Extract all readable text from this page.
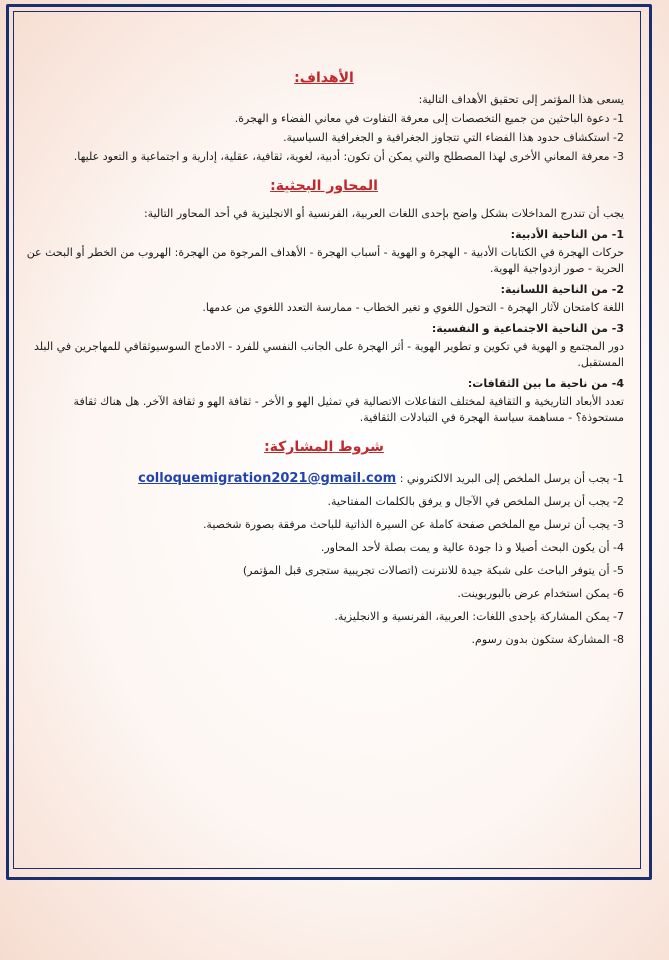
الأهداف:

يسعى هذا المؤتمر إلى تحقيق الأهداف التالية:

1- دعوة الباحثين من جميع التخصصات إلى معرفة التفاوت في معاني الفضاء و الهجرة.

2- استكشاف حدود هذا الفضاء التي تتجاوز الجغرافية و الجغرافية السياسية.

3- معرفة المعاني الأخرى لهذا المصطلح والتي يمكن أن تكون: أدبية، لغوية، ثقافية، عقلية، إدارية و اجتماعية و التعود عليها.

المحاور البحثية:

يجب أن تندرج المداخلات بشكل واضح بإحدى اللغات العربية، الفرنسية أو الانجليزية في أحد المحاور التالية:

1- من الناحية الأدبية:

حركات الهجرة في الكتابات الأدبية - الهجرة و الهوية - أسباب الهجرة - الأهداف المرجوة من الهجرة: الهروب من الخطر أو البحث عن الحرية - صور ازدواجية الهوية.

2- من الناحية اللسانية:

اللغة كامتحان لآثار الهجرة - التحول اللغوي و تغير الخطاب - ممارسة التعدد اللغوي من عدمها.

3- من الناحية الاجتماعية و النفسية:

دور المجتمع و الهوية في تكوين و تطوير الهوية - أثر الهجرة على الجانب النفسي للفرد - الادماج السوسيوثقافي للمهاجرين في البلد المستقبل.

4- من ناحية ما بين الثقافات:

تعدد الأبعاد التاريخية و الثقافية لمختلف التفاعلات الاتصالية في تمثيل الهو و الأخر - ثقافة الهو و ثقافة الآخر. هل هناك ثقافة مستحوذة؟ - مساهمة سياسة الهجرة في التبادلات الثقافية.

شروط المشاركة:

1- يجب أن يرسل الملخص إلى البريد الالكتروني : colloquemigration2021@gmail.com

2- يجب أن يرسل الملخص في الآجال و يرفق بالكلمات المفتاحية.

3- يجب أن ترسل مع الملخص صفحة كاملة عن السيرة الذاتية للباحث مرفقة بصورة شخصية.

4- أن يكون البحث أصيلا و ذا جودة عالية و يمت بصلة لأحد المحاور.

5- أن يتوفر الباحث على شبكة جيدة للانترنت (اتصالات تجريبية ستجرى قبل المؤتمر)

6- يمكن استخدام عرض بالبوربوينت.

7- يمكن المشاركة بإحدى اللغات: العربية، الفرنسية و الانجليزية.

8- المشاركة ستكون بدون رسوم.
